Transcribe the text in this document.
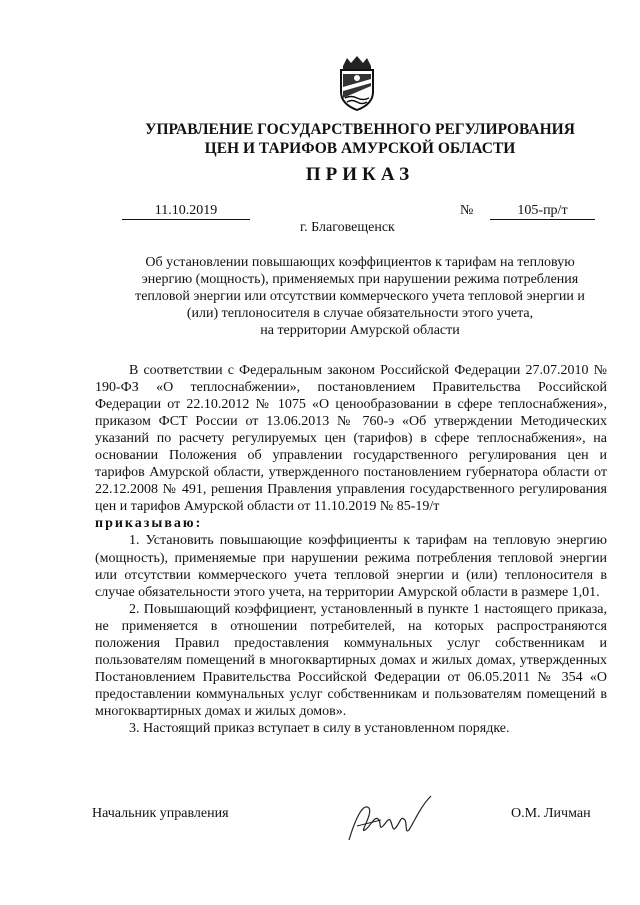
УПРАВЛЕНИЕ ГОСУДАРСТВЕННОГО РЕГУЛИРОВАНИЯ
ЦЕН И ТАРИФОВ АМУРСКОЙ ОБЛАСТИ
ПРИКАЗ
11.10.2019	№	105-пр/т
г. Благовещенск
Об установлении повышающих коэффициентов к тарифам на тепловую
энергию (мощность), применяемых при нарушении режима потребления
тепловой энергии или отсутствии коммерческого учета тепловой энергии и
(или) теплоносителя в случае обязательности этого учета,
на территории Амурской области

В соответствии с Федеральным законом Российской Федерации 27.07.2010 № 190-ФЗ «О теплоснабжении», постановлением Правительства Российской Федерации от 22.10.2012 № 1075 «О ценообразовании в сфере теплоснабжения», приказом ФСТ России от 13.06.2013 № 760-э «Об утверждении Методических указаний по расчету регулируемых цен (тарифов) в сфере теплоснабжения», на основании Положения об управлении государственного регулирования цен и тарифов Амурской области, утвержденного постановлением губернатора области от 22.12.2008 № 491, решения Правления управления государственного регулирования цен и тарифов Амурской области от 11.10.2019 № 85-19/т

приказываю:

1. Установить повышающие коэффициенты к тарифам на тепловую энергию (мощность), применяемые при нарушении режима потребления тепловой энергии или отсутствии коммерческого учета тепловой энергии и (или) теплоносителя в случае обязательности этого учета, на территории Амурской области в размере 1,01.

2. Повышающий коэффициент, установленный в пункте 1 настоящего приказа, не применяется в отношении потребителей, на которых распространяются положения Правил предоставления коммунальных услуг собственникам и пользователям помещений в многоквартирных домах и жилых домах, утвержденных Постановлением Правительства Российской Федерации от 06.05.2011 № 354 «О предоставлении коммунальных услуг собственникам и пользователям помещений в многоквартирных домах и жилых домов».

3. Настоящий приказ вступает в силу в установленном порядке.

Начальник управления	О.М. Личман
